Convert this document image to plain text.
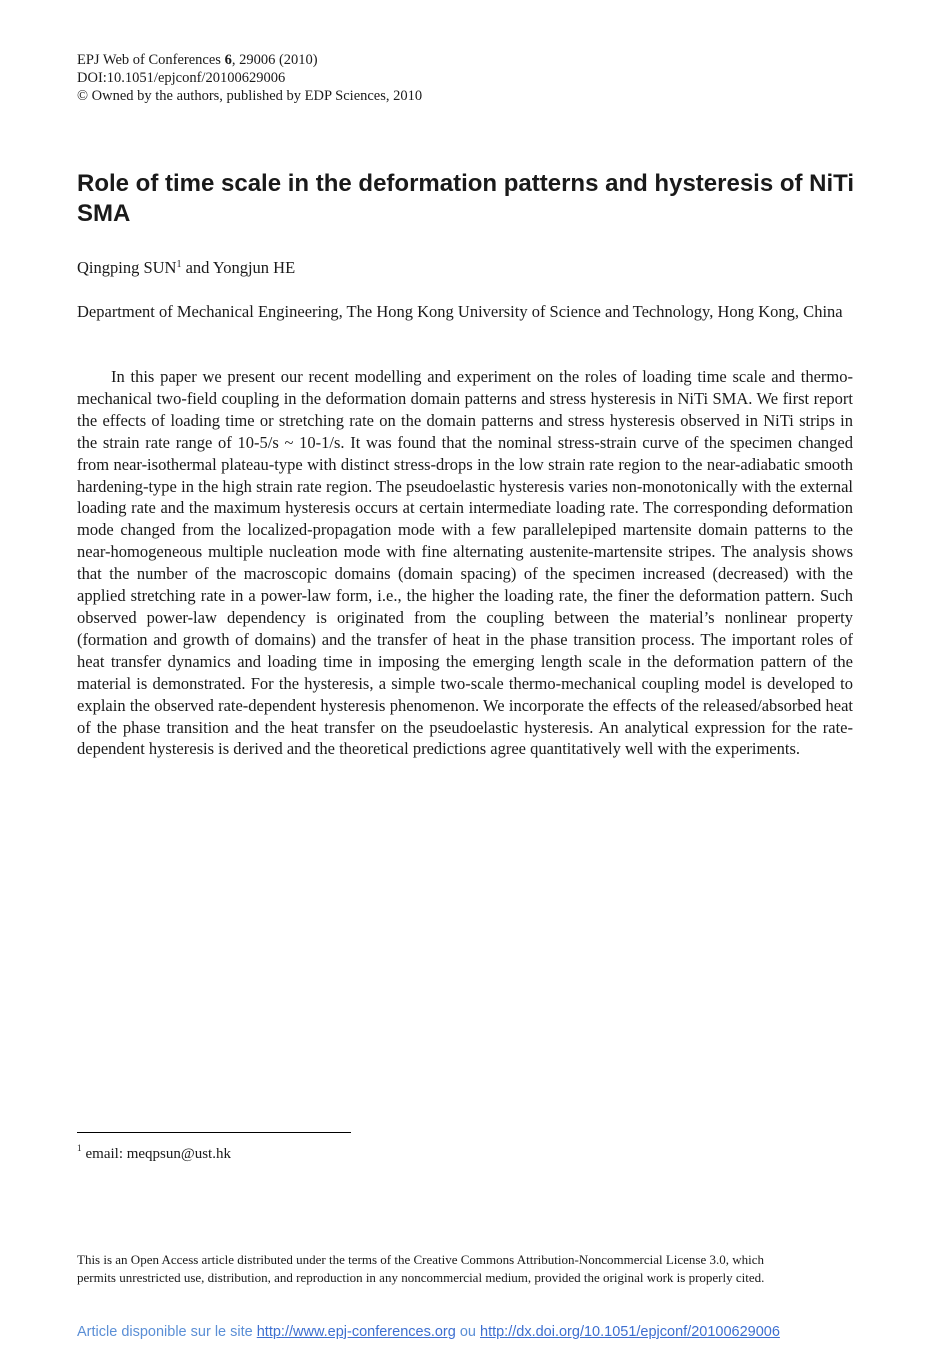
EPJ Web of Conferences 6, 29006 (2010)
DOI:10.1051/epjconf/20100629006
© Owned by the authors, published by EDP Sciences, 2010
Role of time scale in the deformation patterns and hysteresis of NiTi SMA
Qingping SUN$^1$ and Yongjun HE
Department of Mechanical Engineering, The Hong Kong University of Science and Technology, Hong Kong, China

In this paper we present our recent modelling and experiment on the roles of loading time scale and thermo-mechanical two-field coupling in the deformation domain patterns and stress hysteresis in NiTi SMA. We first report the effects of loading time or stretching rate on the domain patterns and stress hysteresis observed in NiTi strips in the strain rate range of 10-5/s ~ 10-1/s. It was found that the nominal stress-strain curve of the specimen changed from near-isothermal plateau-type with distinct stress-drops in the low strain rate region to the near-adiabatic smooth hardening-type in the high strain rate region. The pseudoelastic hysteresis varies non-monotonically with the external loading rate and the maximum hysteresis occurs at certain intermediate loading rate. The corresponding deformation mode changed from the localized-propagation mode with a few parallelepiped martensite domain patterns to the near-homogeneous multiple nucleation mode with fine alternating austenite-martensite stripes. The analysis shows that the number of the macroscopic domains (domain spacing) of the specimen increased (decreased) with the applied stretching rate in a power-law form, i.e., the higher the loading rate, the finer the deformation pattern. Such observed power-law dependency is originated from the coupling between the material’s nonlinear property (formation and growth of domains) and the transfer of heat in the phase transition process. The important roles of heat transfer dynamics and loading time in imposing the emerging length scale in the deformation pattern of the material is demonstrated. For the hysteresis, a simple two-scale thermo-mechanical coupling model is developed to explain the observed rate-dependent hysteresis phenomenon. We incorporate the effects of the released/absorbed heat of the phase transition and the heat transfer on the pseudoelastic hysteresis. An analytical expression for the rate-dependent hysteresis is derived and the theoretical predictions agree quantitatively well with the experiments.

$^1$ email: meqpsun@ust.hk
This is an Open Access article distributed under the terms of the Creative Commons Attribution-Noncommercial License 3.0, which
permits unrestricted use, distribution, and reproduction in any noncommercial medium, provided the original work is properly cited.
Article disponible sur le site http://www.epj-conferences.org ou http://dx.doi.org/10.1051/epjconf/20100629006
